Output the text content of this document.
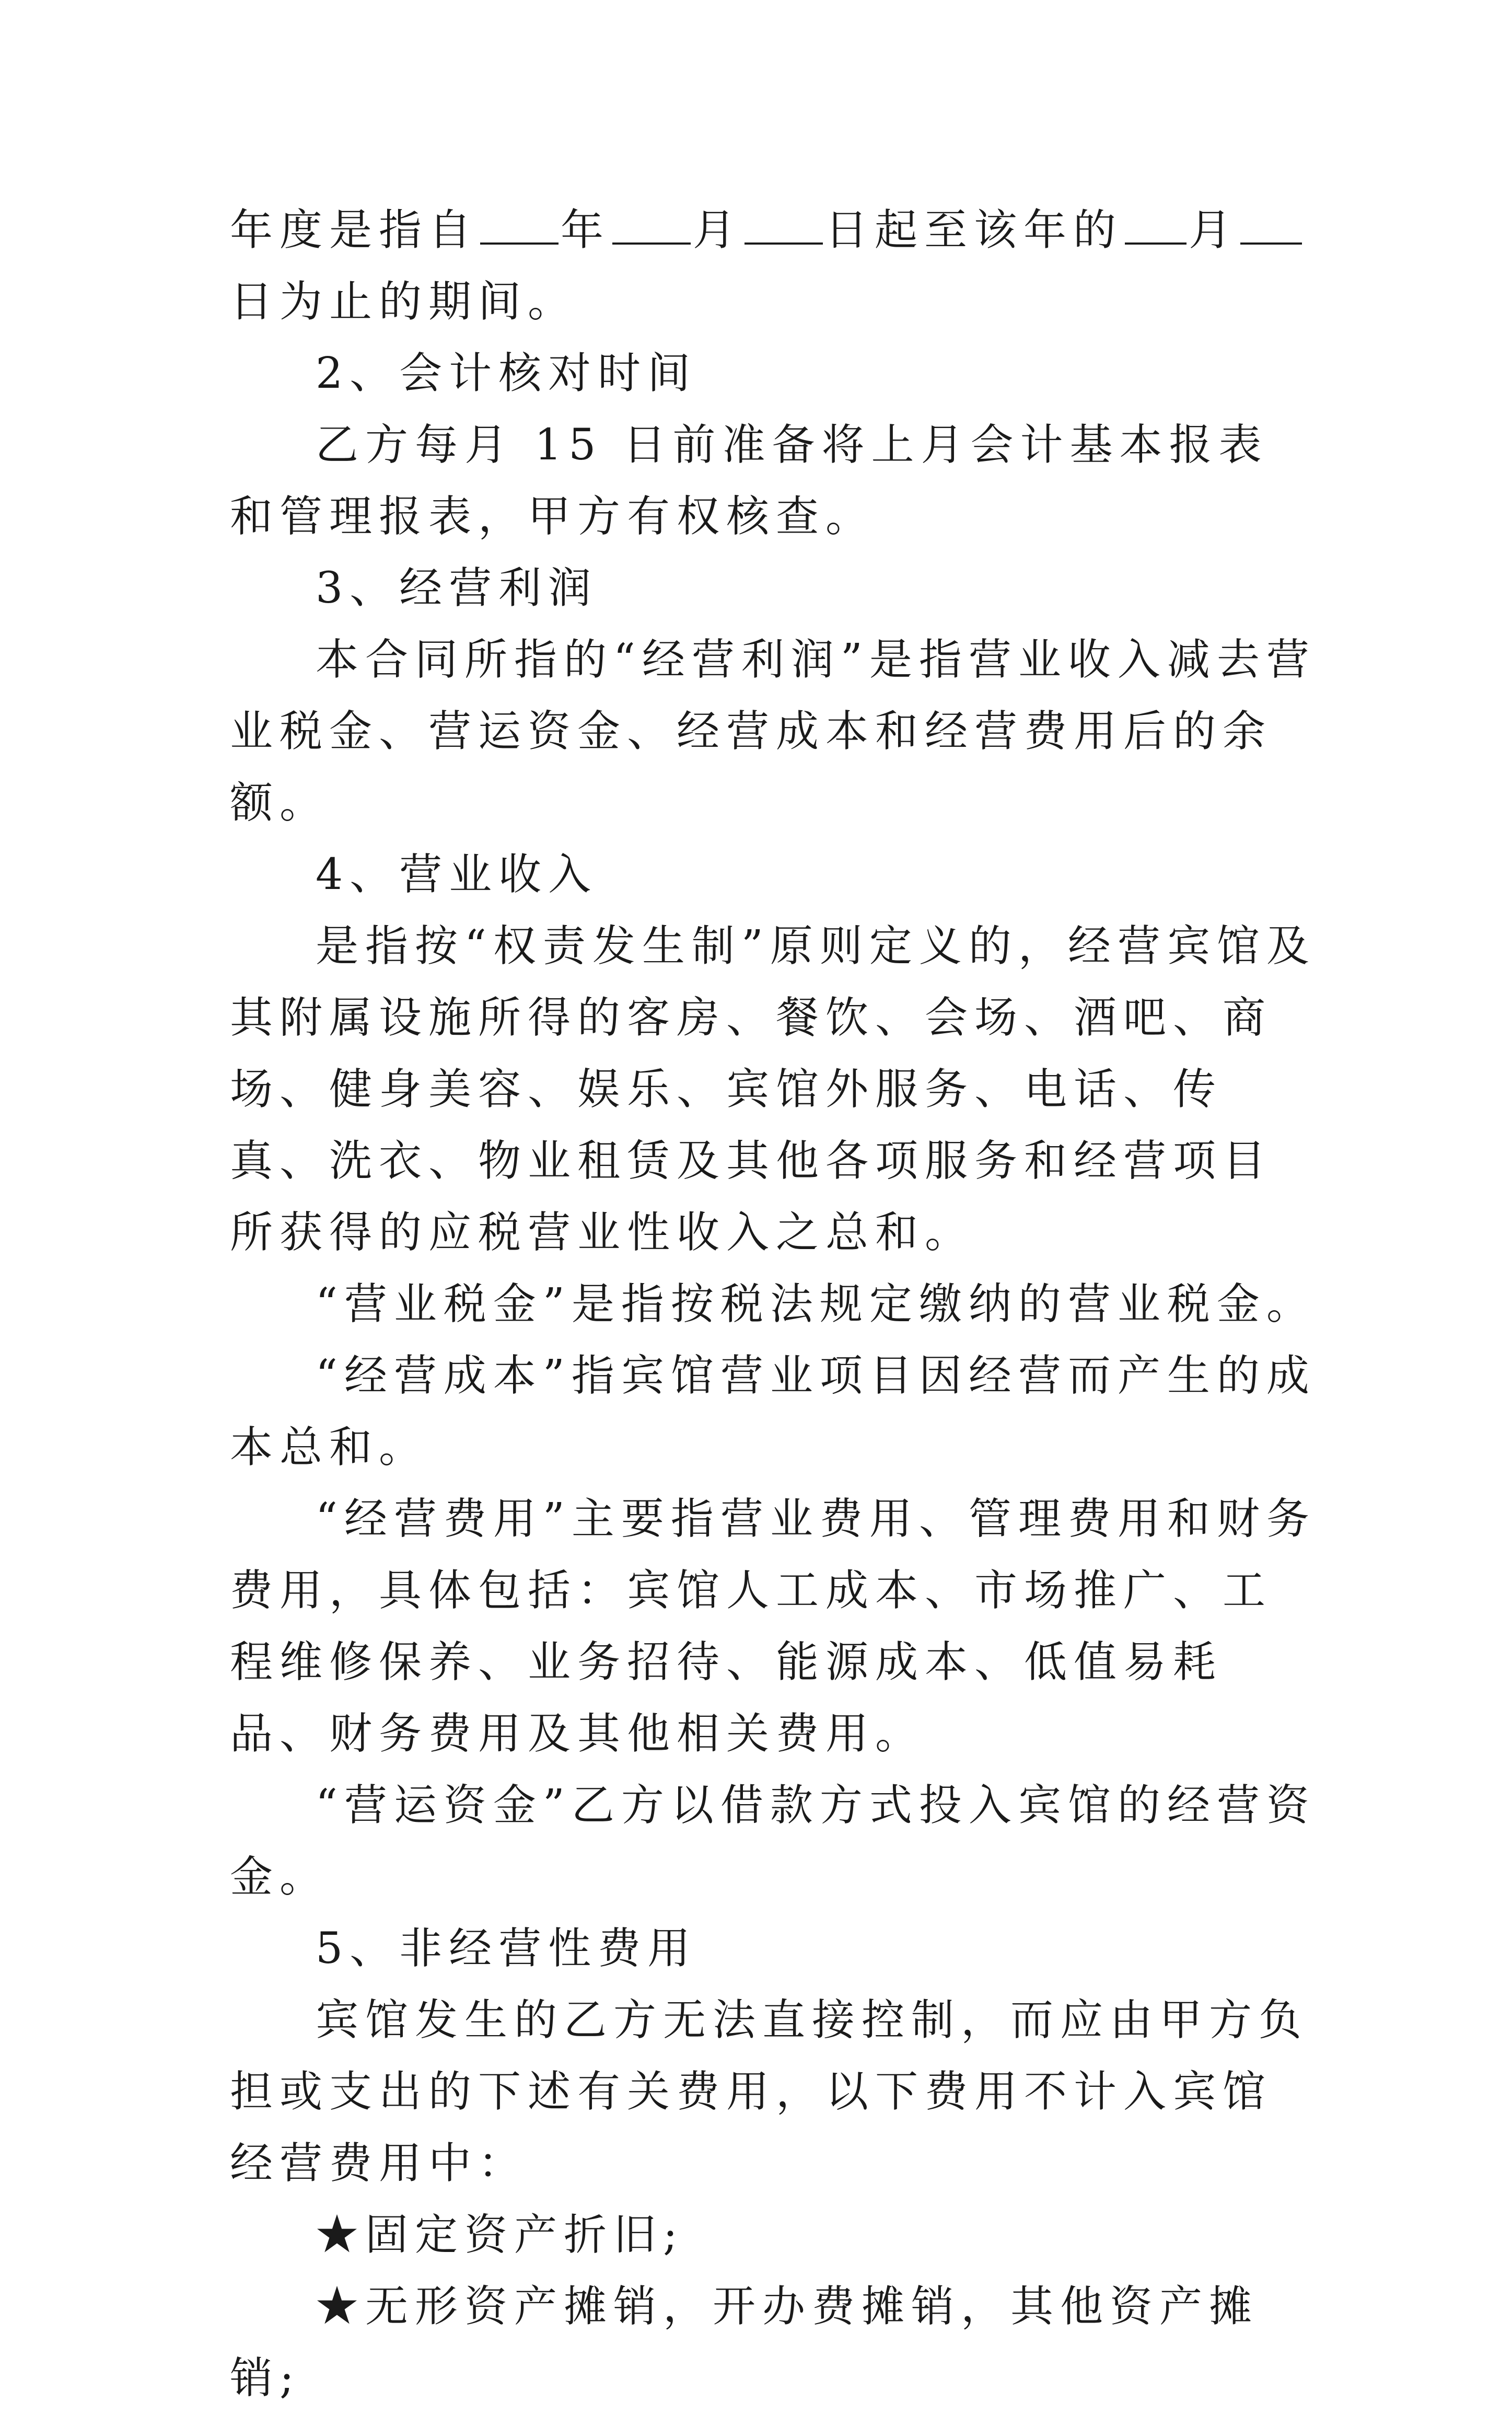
年度是指自 年 月 日起至该年的 月日为止的期间。

2、会计核对时间

乙方每月 15 日前准备将上月会计基本报表和管理报表，甲方有权核查。

3、经营利润

本合同所指的“经营利润”是指营业收入减去营业税金、营运资金、经营成本和经营费用后的余额。

4、营业收入

是指按“权责发生制”原则定义的，经营宾馆及其附属设施所得的客房、餐饮、会场、酒吧、商场、健身美容、娱乐、宾馆外服务、电话、传真、洗衣、物业租赁及其他各项服务和经营项目所获得的应税营业性收入之总和。

“营业税金”是指按税法规定缴纳的营业税金。

“经营成本”指宾馆营业项目因经营而产生的成本总和。

“经营费用”主要指营业费用、管理费用和财务费用，具体包括：宾馆人工成本、市场推广、工程维修保养、业务招待、能源成本、低值易耗品、财务费用及其他相关费用。

“营运资金”乙方以借款方式投入宾馆的经营资金。

5、非经营性费用

宾馆发生的乙方无法直接控制，而应由甲方负担或支出的下述有关费用，以下费用不计入宾馆经营费用中：

★固定资产折旧;

★无形资产摊销，开办费摊销，其他资产摊销;
